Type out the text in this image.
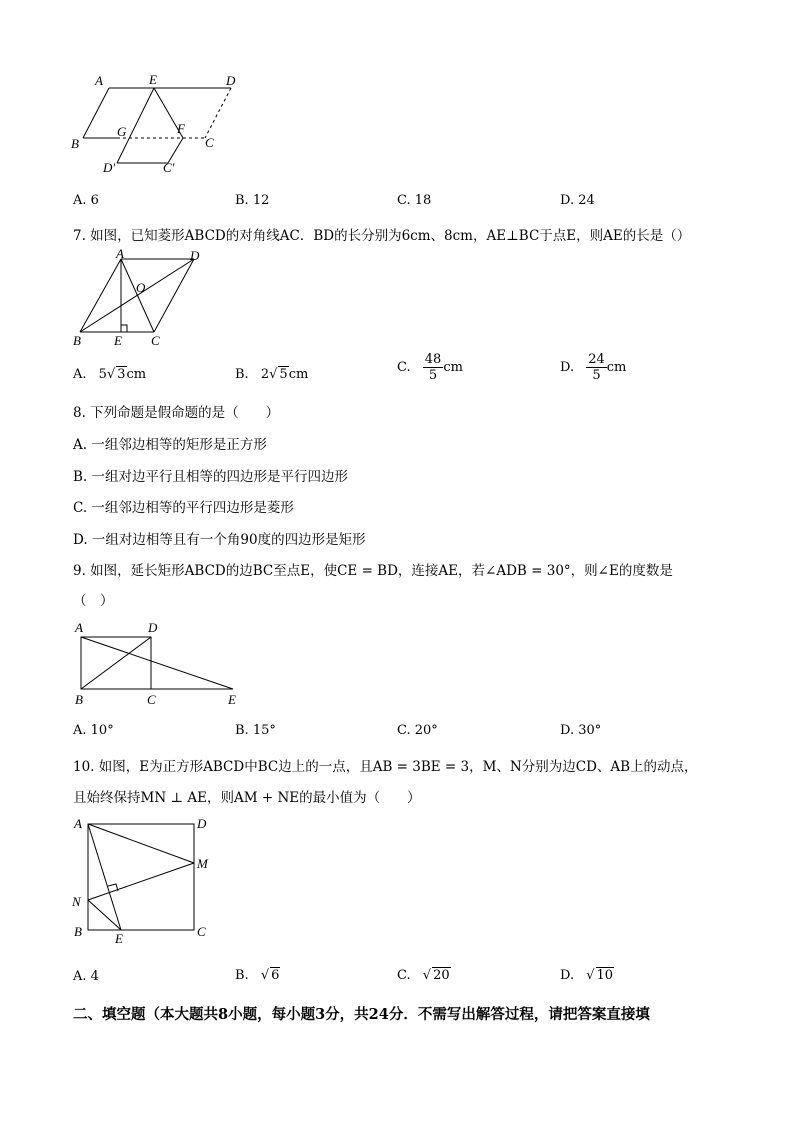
A	E	D
B
G	F
C
D′	C′
A. 6	B. 12	C. 18	D. 24
7. 如图，已知菱形ABCD的对角线AC．BD的长分别为6cm、8cm，AE⊥BC于点E，则AE的长是（）
A	D
O
B	E C
A. 5√ 3cm	B. 2√ 5cm	C. $\frac{48}{5}$ cm	D. $\frac{24}{5}$ cm
8. 下列命题是假命题的是（　　）
A. 一组邻边相等的矩形是正方形
B. 一组对边平行且相等的四边形是平行四边形
C. 一组邻边相等的平行四边形是菱形
D. 一组对边相等且有一个角90度的四边形是矩形
9. 如图，延长矩形ABCD的边BC至点E，使CE = BD，连接AE，若∠ADB = 30°，则∠E的度数是
（　）
A	D
B	C	E
A. 10°	B. 15°	C. 20°	D. 30°
10. 如图，E为正方形ABCD中BC边上的一点，且AB = 3BE = 3，M、N分别为边CD、AB上的动点，
且始终保持MN ⊥ AE，则AM + NE的最小值为（　　）
A	D
M
N
B	E	C
A. 4	B. √ 6	C. √ 20	D. √ 10
二、填空题（本大题共8小题，每小题3分，共24分．不需写出解答过程，请把答案直接填
